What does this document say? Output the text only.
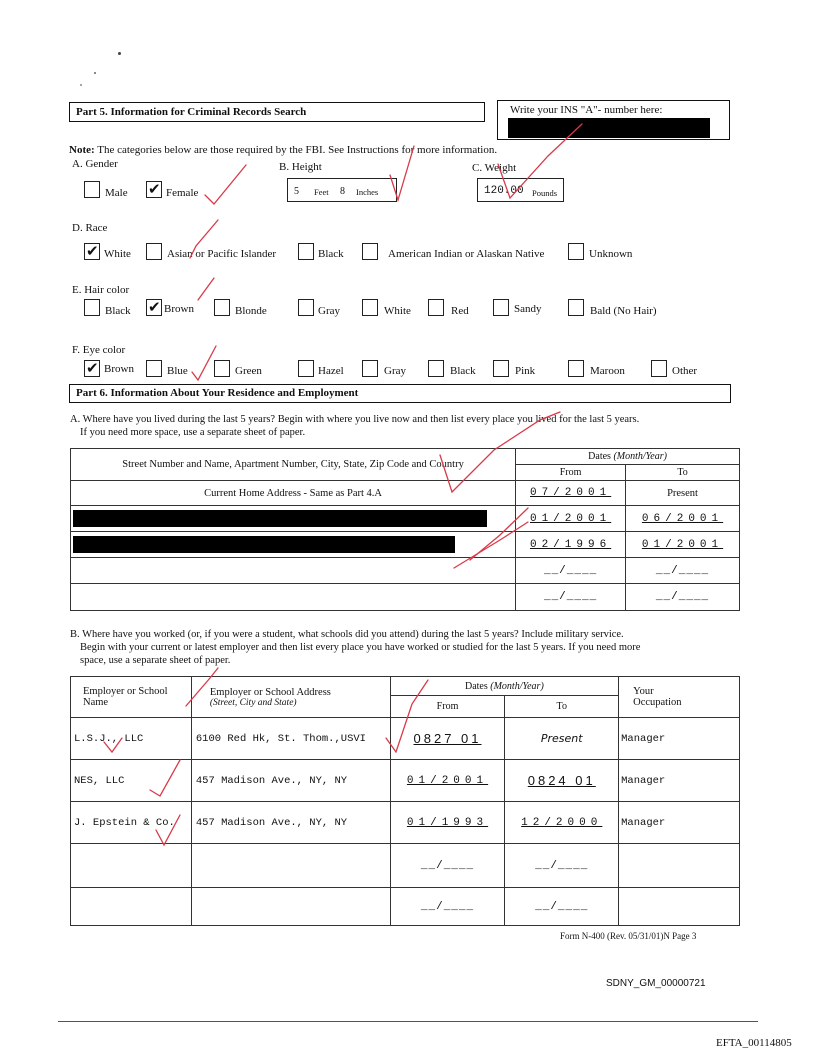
Part 5. Information for Criminal Records Search	Write your INS "A"- number here:
Note: The categories below are those required by the FBI. See Instructions for more information.
A. Gender
Male ✔	Female
B. Height
5 Feet 8 Inches
C. Weight
120.00 Pounds
D. Race
✔
White	Asian or Pacific Islander	Black	American Indian or Alaskan Native	Unknown
E. Hair color
Black ✔	Brown	Blonde	Gray	White	Red	Sandy	Bald (No Hair)
F. Eye color
✔
Brown	Blue	Green	Hazel	Gray	Black	Pink	Maroon	Other
Part 6. Information About Your Residence and Employment
A. Where have you lived during the last 5 years? Begin with where you live now and then list every place you lived for the last 5 years.
If you need more space, use a separate sheet of paper.
Street Number and Name, Apartment Number, City, State, Zip Code and Country	Dates (Month/Year)	
	From	To
Current Home Address - Same as Part 4.A	07/2001	Present

	01/2001	06/2001

	02/1996	01/2001
	__/____	__/____
	__/____	__/____
B. Where have you worked (or, if you were a student, what schools did you attend) during the last 5 years? Include military service.
Begin with your current or latest employer and then list every place you have worked or studied for the last 5 years. If you need more
space, use a separate sheet of paper.
Employer or School Name	Employer or School Address
(Street, City and State)	Dates (Month/Year)		Your Occupation
		From	To	
L.S.J., LLC	6100 Red Hk, St. Thom.,USVI	0827 01	Present	Manager
NES, LLC	457 Madison Ave., NY, NY	01/2001	0824 01	Manager
J. Epstein & Co.	457 Madison Ave., NY, NY	01/1993	12/2000	Manager
		__/____	__/____	
		__/____	__/____	
Form N-400 (Rev. 05/31/01)N Page 3
SDNY_GM_00000721
EFTA_00114805
